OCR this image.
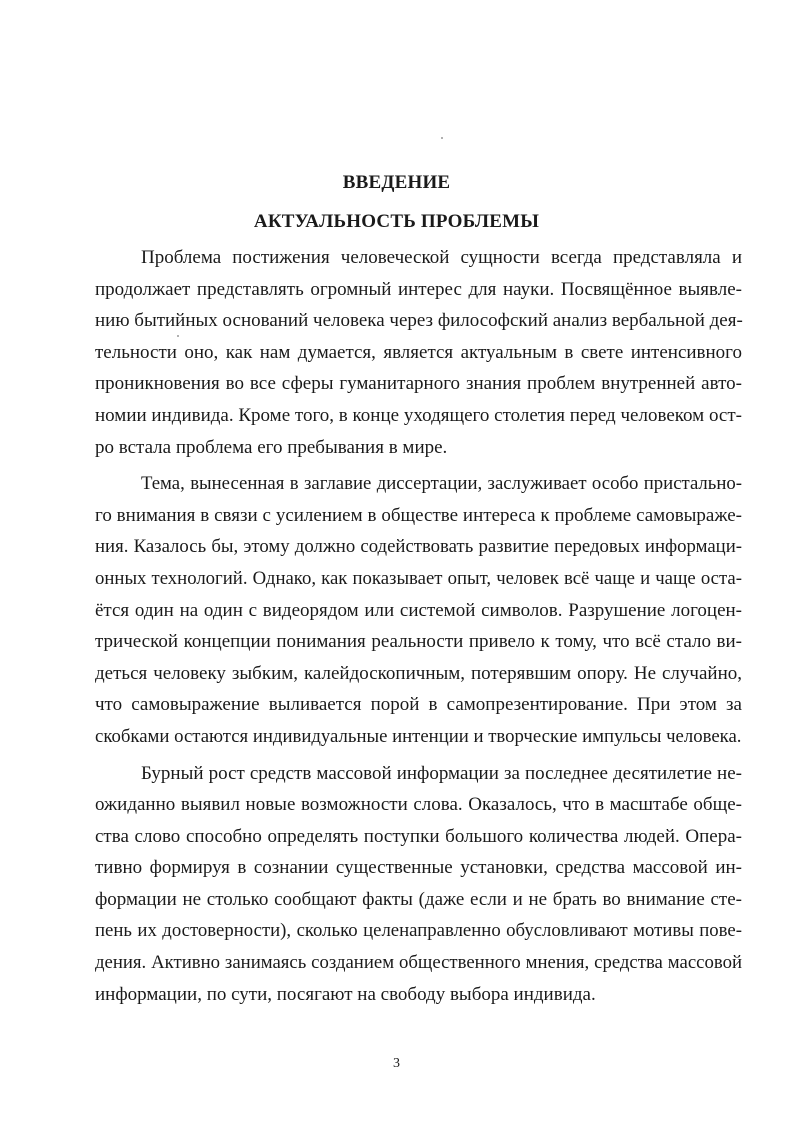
ВВЕДЕНИЕ
АКТУАЛЬНОСТЬ ПРОБЛЕМЫ
Проблема постижения человеческой сущности всегда представляла и
продолжает представлять огромный интерес для науки. Посвящённое выявле-
нию бытийных оснований человека через философский анализ вербальной дея-
тельности оно, как нам думается, является актуальным в свете интенсивного
проникновения во все сферы гуманитарного знания проблем внутренней авто-
номии индивида. Кроме того, в конце уходящего столетия перед человеком ост-
ро встала проблема его пребывания в мире.
Тема, вынесенная в заглавие диссертации, заслуживает особо пристально-
го внимания в связи с усилением в обществе интереса к проблеме самовыраже-
ния. Казалось бы, этому должно содействовать развитие передовых информаци-
онных технологий. Однако, как показывает опыт, человек всё чаще и чаще оста-
ётся один на один с видеорядом или системой символов. Разрушение логоцен-
трической концепции понимания реальности привело к тому, что всё стало ви-
деться человеку зыбким, калейдоскопичным, потерявшим опору. Не случайно,
что самовыражение выливается порой в самопрезентирование. При этом за
скобками остаются индивидуальные интенции и творческие импульсы человека.
Бурный рост средств массовой информации за последнее десятилетие не-
ожиданно выявил новые возможности слова. Оказалось, что в масштабе обще-
ства слово способно определять поступки большого количества людей. Опера-
тивно формируя в сознании существенные установки, средства массовой ин-
формации не столько сообщают факты (даже если и не брать во внимание сте-
пень их достоверности), сколько целенаправленно обусловливают мотивы пове-
дения. Активно занимаясь созданием общественного мнения, средства массовой
информации, по сути, посягают на свободу выбора индивида.
3
